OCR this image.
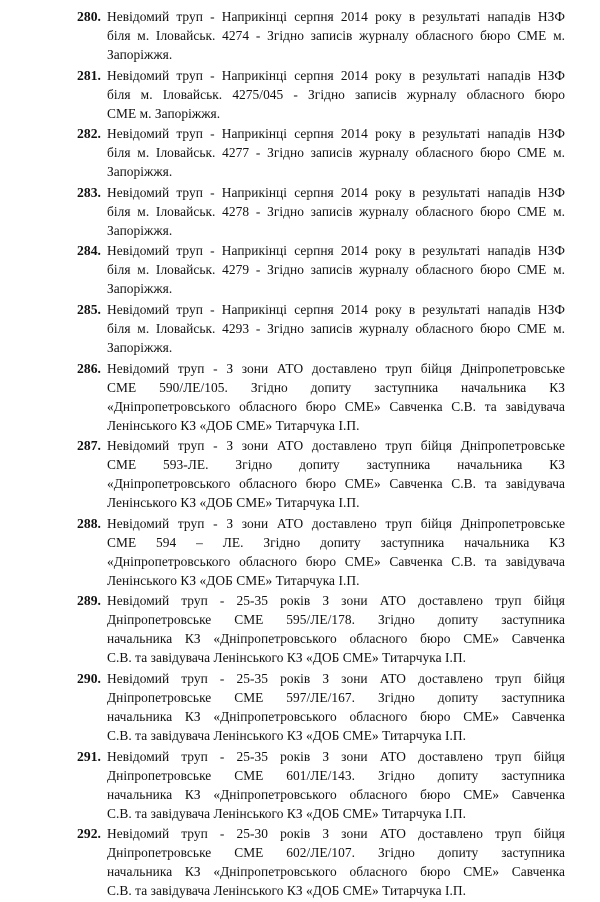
280. Невідомий труп - Наприкінці серпня 2014 року в результаті нападів НЗФ
біля м. Іловайськ. 4274 - Згідно записів журналу обласного бюро СМЕ м.
Запоріжжя.
281. Невідомий труп - Наприкінці серпня 2014 року в результаті нападів НЗФ
біля м. Іловайськ. 4275/045 - Згідно записів журналу обласного бюро
СМЕ м. Запоріжжя.
282. Невідомий труп - Наприкінці серпня 2014 року в результаті нападів НЗФ
біля м. Іловайськ. 4277 - Згідно записів журналу обласного бюро СМЕ м.
Запоріжжя.
283. Невідомий труп - Наприкінці серпня 2014 року в результаті нападів НЗФ
біля м. Іловайськ. 4278 - Згідно записів журналу обласного бюро СМЕ м.
Запоріжжя.
284. Невідомий труп - Наприкінці серпня 2014 року в результаті нападів НЗФ
біля м. Іловайськ. 4279 - Згідно записів журналу обласного бюро СМЕ м.
Запоріжжя.
285. Невідомий труп - Наприкінці серпня 2014 року в результаті нападів НЗФ
біля м. Іловайськ. 4293 - Згідно записів журналу обласного бюро СМЕ м.
Запоріжжя.
286. Невідомий труп - З зони АТО доставлено труп бійця Дніпропетровське
СМЕ 590/ЛЕ/105. Згідно допиту заступника начальника КЗ
«Дніпропетровського обласного бюро СМЕ» Савченка С.В. та завідувача
Ленінського КЗ «ДОБ СМЕ» Титарчука І.П.
287. Невідомий труп - З зони АТО доставлено труп бійця Дніпропетровське
СМЕ 593-ЛЕ. Згідно допиту заступника начальника КЗ
«Дніпропетровського обласного бюро СМЕ» Савченка С.В. та завідувача
Ленінського КЗ «ДОБ СМЕ» Титарчука І.П.
288. Невідомий труп - З зони АТО доставлено труп бійця Дніпропетровське
СМЕ 594 – ЛЕ. Згідно допиту заступника начальника КЗ
«Дніпропетровського обласного бюро СМЕ» Савченка С.В. та завідувача
Ленінського КЗ «ДОБ СМЕ» Титарчука І.П.
289. Невідомий труп - 25-35 років З зони АТО доставлено труп бійця
Дніпропетровське СМЕ 595/ЛЕ/178. Згідно допиту заступника
начальника КЗ «Дніпропетровського обласного бюро СМЕ» Савченка
С.В. та завідувача Ленінського КЗ «ДОБ СМЕ» Титарчука І.П.
290. Невідомий труп - 25-35 років З зони АТО доставлено труп бійця
Дніпропетровське СМЕ 597/ЛЕ/167. Згідно допиту заступника
начальника КЗ «Дніпропетровського обласного бюро СМЕ» Савченка
С.В. та завідувача Ленінського КЗ «ДОБ СМЕ» Титарчука І.П.
291. Невідомий труп - 25-35 років З зони АТО доставлено труп бійця
Дніпропетровське СМЕ 601/ЛЕ/143. Згідно допиту заступника
начальника КЗ «Дніпропетровського обласного бюро СМЕ» Савченка
С.В. та завідувача Ленінського КЗ «ДОБ СМЕ» Титарчука І.П.
292. Невідомий труп - 25-30 років З зони АТО доставлено труп бійця
Дніпропетровське СМЕ 602/ЛЕ/107. Згідно допиту заступника
начальника КЗ «Дніпропетровського обласного бюро СМЕ» Савченка
С.В. та завідувача Ленінського КЗ «ДОБ СМЕ» Титарчука І.П.
